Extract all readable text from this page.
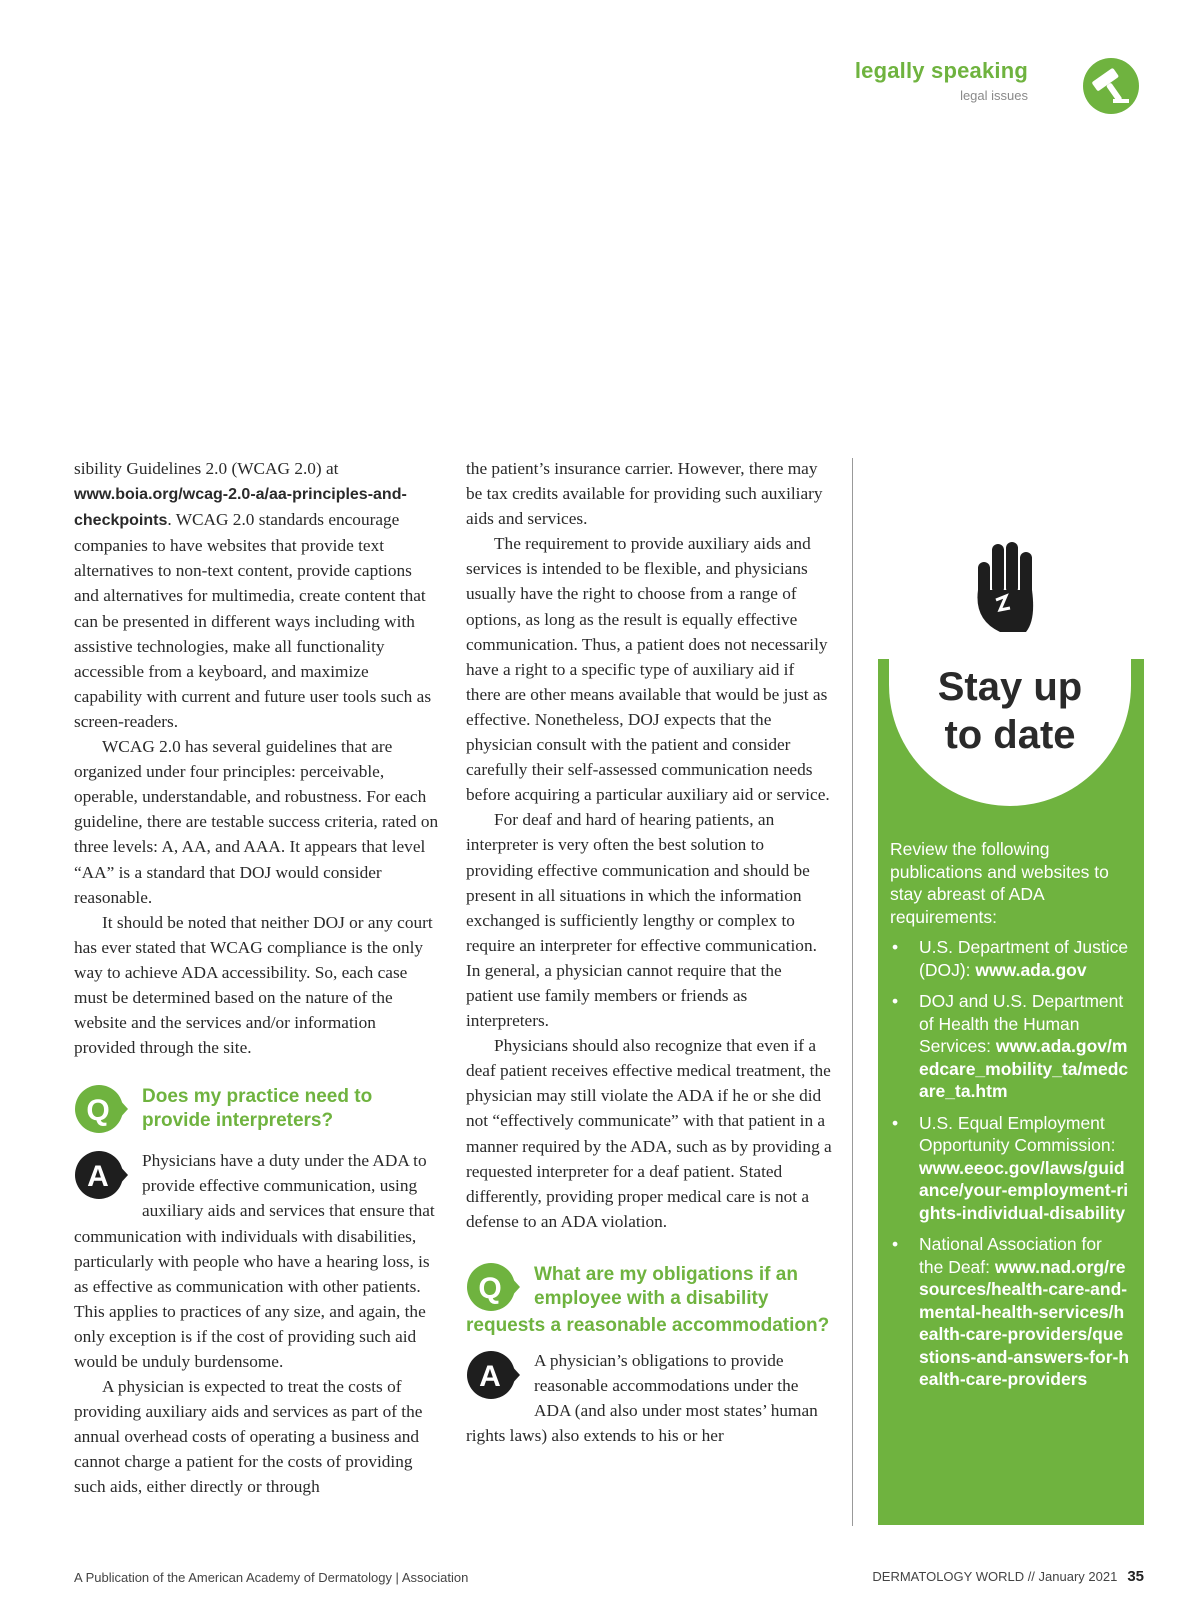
legally speaking
legal issues

sibility Guidelines 2.0 (WCAG 2.0) at www.boia.org/wcag-2.0-a/aa-principles-and-checkpoints. WCAG 2.0 standards encourage companies to have websites that provide text alternatives to non-text content, provide captions and alternatives for multimedia, create content that can be presented in different ways including with assistive technologies, make all functionality accessible from a keyboard, and maximize capability with current and future user tools such as screen-readers.

WCAG 2.0 has several guidelines that are organized under four principles: perceivable, operable, understandable, and robustness. For each guideline, there are testable success criteria, rated on three levels: A, AA, and AAA. It appears that level “AA” is a standard that DOJ would consider reasonable.

It should be noted that neither DOJ or any court has ever stated that WCAG compliance is the only way to achieve ADA accessibility. So, each case must be determined based on the nature of the website and the services and/or information provided through the site.

Q	Does my practice need to provide interpreters?
A	Physicians have a duty under the ADA to provide effective communication, using auxiliary aids and services that ensure that communication with individuals with disabilities, particularly with people who have a hearing loss, is as effective as communication with other patients. This applies to practices of any size, and again, the only exception is if the cost of providing such aid would be unduly burdensome.

A physician is expected to treat the costs of providing auxiliary aids and services as part of the annual overhead costs of operating a business and cannot charge a patient for the costs of providing such aids, either directly or through

the patient’s insurance carrier. However, there may be tax credits available for providing such auxiliary aids and services.

The requirement to provide auxiliary aids and services is intended to be flexible, and physicians usually have the right to choose from a range of options, as long as the result is equally effective communication. Thus, a patient does not necessarily have a right to a specific type of auxiliary aid if there are other means available that would be just as effective. Nonetheless, DOJ expects that the physician consult with the patient and consider carefully their self-assessed communication needs before acquiring a particular auxiliary aid or service.

For deaf and hard of hearing patients, an interpreter is very often the best solution to providing effective communication and should be present in all situations in which the information exchanged is sufficiently lengthy or complex to require an interpreter for effective communication. In general, a physician cannot require that the patient use family members or friends as interpreters.

Physicians should also recognize that even if a deaf patient receives effective medical treatment, the physician may still violate the ADA if he or she did not “effectively communicate” with that patient in a manner required by the ADA, such as by providing a requested interpreter for a deaf patient. Stated differently, providing proper medical care is not a defense to an ADA violation.

Q	What are my obligations if an employee with a disability
requests a reasonable accommodation?
A	A physician’s obligations to provide reasonable accommodations under the ADA (and also under most states’ human rights laws) also extends to his or her

Stay up
to date
Review the following publications and websites to stay abreast of ADA requirements:
• U.S. Department of Justice (DOJ): www.ada.gov
• DOJ and U.S. Department of Health the Human Services: www.ada.gov/medcare_mobility_ta/medcare_ta.htm
• U.S. Equal Employment Opportunity Commission: www.eeoc.gov/laws/guidance/your-employment-rights-individual-disability
• National Association for the Deaf: www.nad.org/resources/health-care-and-mental-health-services/health-care-providers/questions-and-answers-for-health-care-providers
A Publication of the American Academy of Dermatology | Association	DERMATOLOGY WORLD // January 2021 35
